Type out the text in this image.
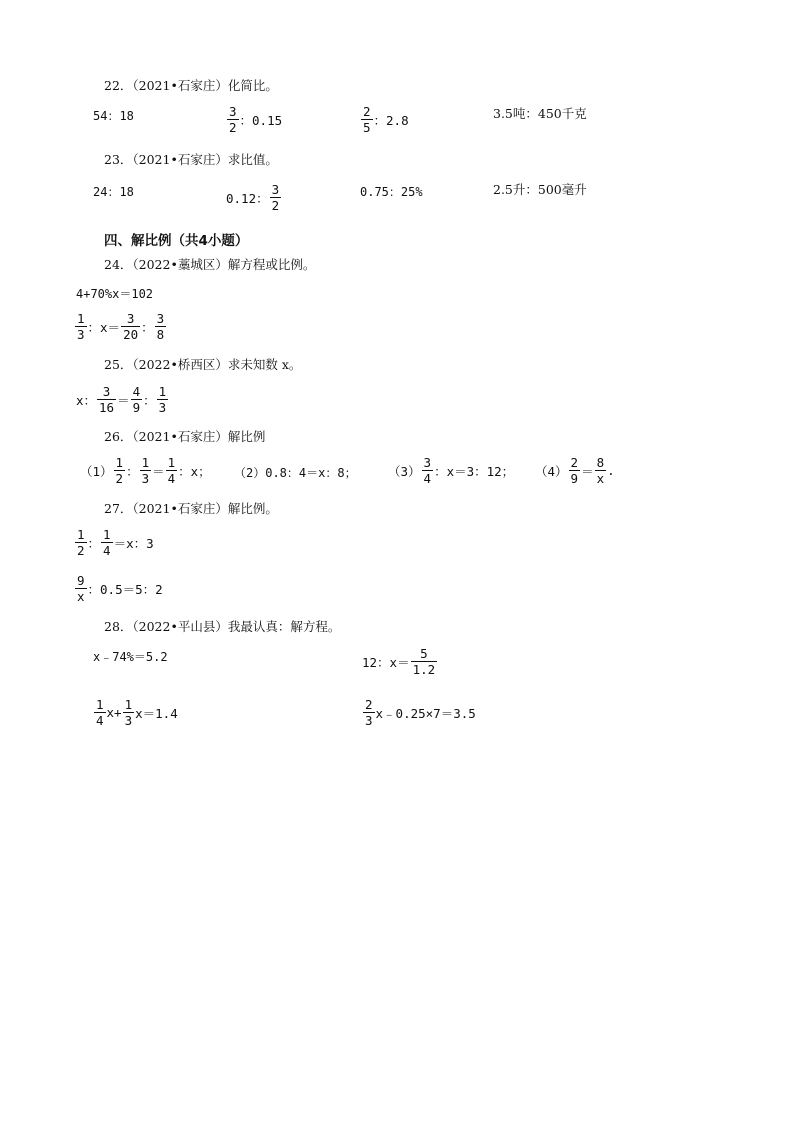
22．（2021•石家庄）化简比。
54：18	$\frac{3}{2}$ ：0.15	$\frac{2}{5}$ ：2.8	3.5吨：450千克
23．（2021•石家庄）求比值。
24：18	0.12： $\frac{3}{2}$	0.75：25%	2.5升：500毫升
四、解比例（共4小题）
24．（2022•藁城区）解方程或比例。
4+70%x＝102
$\frac{1}{3}$ ：$x= \frac{3}{20}$ ： $\frac{3}{8}$
25．（2022•桥西区）求未知数 x。
x： $\frac{3}{16} = \frac{4}{9}$ ： $\frac{1}{3}$
26．（2021•石家庄）解比例
$(1) \frac{1}{2}$ ： $\frac{1}{3} = \frac{1}{4}$ ：x； （2）0.8：4＝x：8；	$(3) \frac{3}{4}$ ：x＝3：12； $(4) \frac{2}{9} = \frac{8}{x}$ .
27．（2021•石家庄）解比例。
$\frac{1}{2}$ ： $\frac{1}{4} =x$：3
$\frac{9}{x}$ ：0.5＝5：2
28．（2022•平山县）我最认真：解方程。
x﹣74%＝5.2	12：$x= \frac{5}{1.2}$
$\frac{1}{4} x+ \frac{1}{3} x=1.4$	$\frac{2}{3}$ x﹣0.25×7＝3.5
